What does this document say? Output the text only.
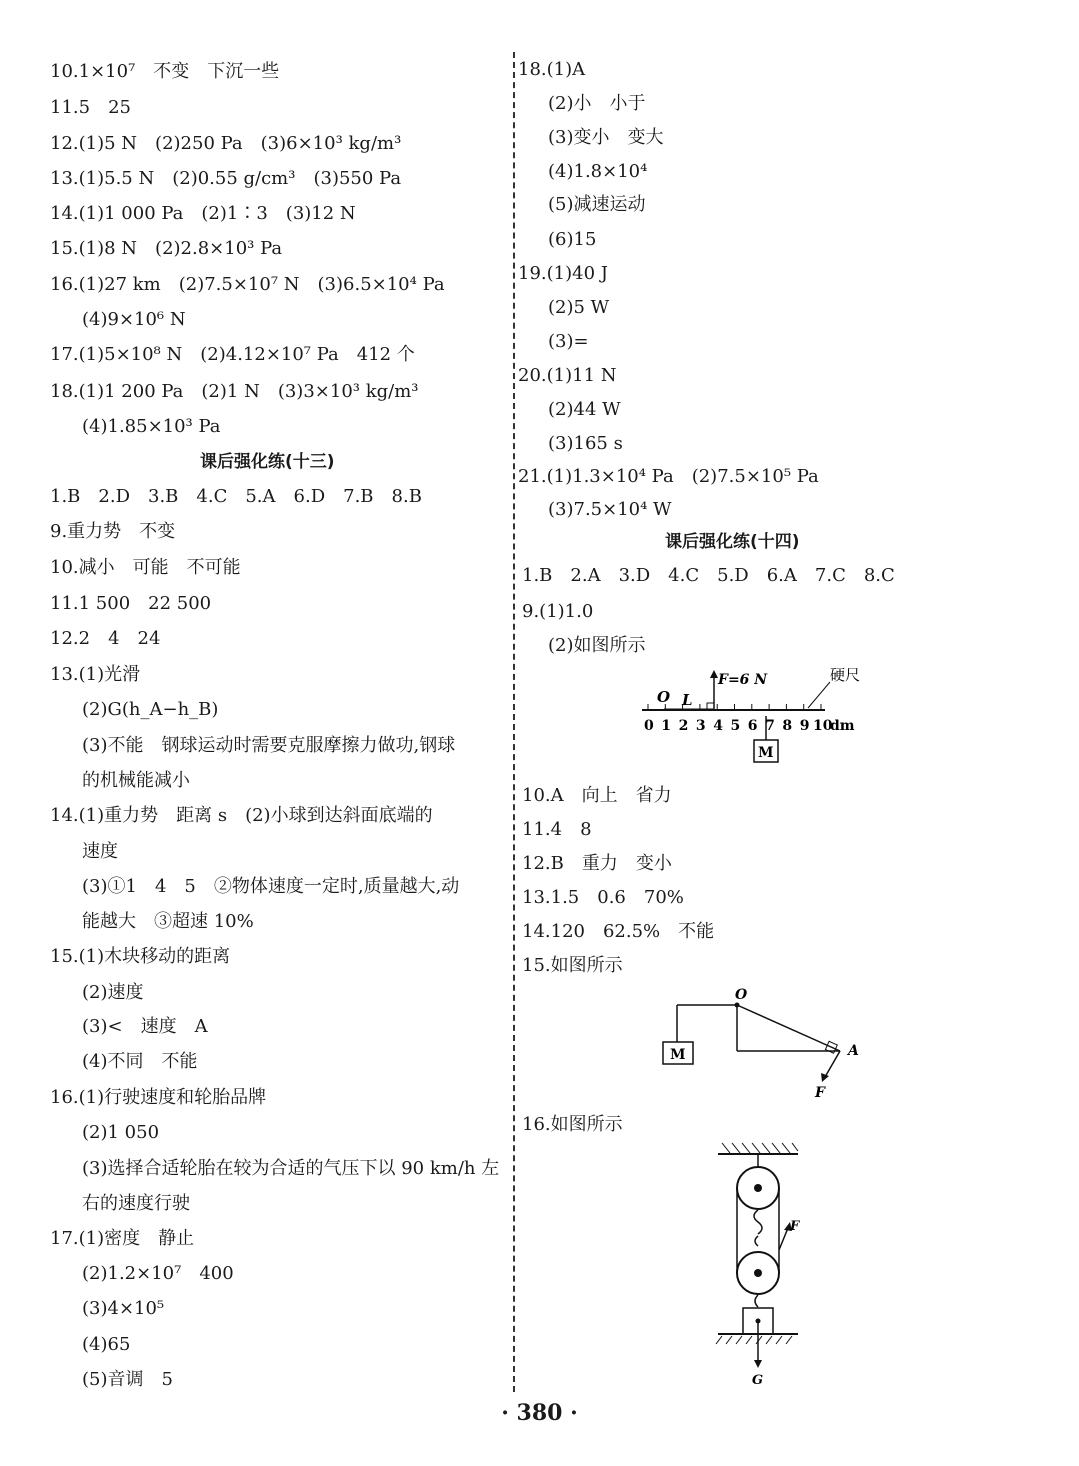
10.1×10⁷　不变　下沉一些
11.5　25
12.(1)5 N　(2)250 Pa　(3)6×10³ kg/m³
13.(1)5.5 N　(2)0.55 g/cm³　(3)550 Pa
14.(1)1 000 Pa　(2)1∶3　(3)12 N
15.(1)8 N　(2)2.8×10³ Pa
16.(1)27 km　(2)7.5×10⁷ N　(3)6.5×10⁴ Pa
(4)9×10⁶ N
17.(1)5×10⁸ N　(2)4.12×10⁷ Pa　412 个
18.(1)1 200 Pa　(2)1 N　(3)3×10³ kg/m³
(4)1.85×10³ Pa
课后强化练(十三)
1.B　2.D　3.B　4.C　5.A　6.D　7.B　8.B
9.重力势　不变
10.减小　可能　不可能
11.1 500　22 500
12.2　4　24
13.(1)光滑
(2)G(h_A−h_B)
(3)不能　钢球运动时需要克服摩擦力做功,钢球
的机械能减小
14.(1)重力势　距离 s　(2)小球到达斜面底端的
速度
(3)①1　4　5　②物体速度一定时,质量越大,动
能越大　③超速 10%
15.(1)木块移动的距离
(2)速度
(3)<　速度　A
(4)不同　不能
16.(1)行驶速度和轮胎品牌
(2)1 050
(3)选择合适轮胎在较为合适的气压下以 90 km/h 左
右的速度行驶
17.(1)密度　静止
(2)1.2×10⁷　400
(3)4×10⁵
(4)65
(5)音调　5
18.(1)A
(2)小　小于
(3)变小　变大
(4)1.8×10⁴
(5)减速运动
(6)15
19.(1)40 J
(2)5 W
(3)=
20.(1)11 N
(2)44 W
(3)165 s
21.(1)1.3×10⁴ Pa　(2)7.5×10⁵ Pa
(3)7.5×10⁴ W
课后强化练(十四)
1.B　2.A　3.D　4.C　5.D　6.A　7.C　8.C
9.(1)1.0
(2)如图所示
10.A　向上　省力
11.4　8
12.B　重力　变小
13.1.5　0.6　70%
14.120　62.5%　不能
15.如图所示
16.如图所示
0 1 2 3 4 5 6 7 8 9 10
dm
O L
F=6 N	硬尺
M
M
O
A
F
F
G
· 380 ·
